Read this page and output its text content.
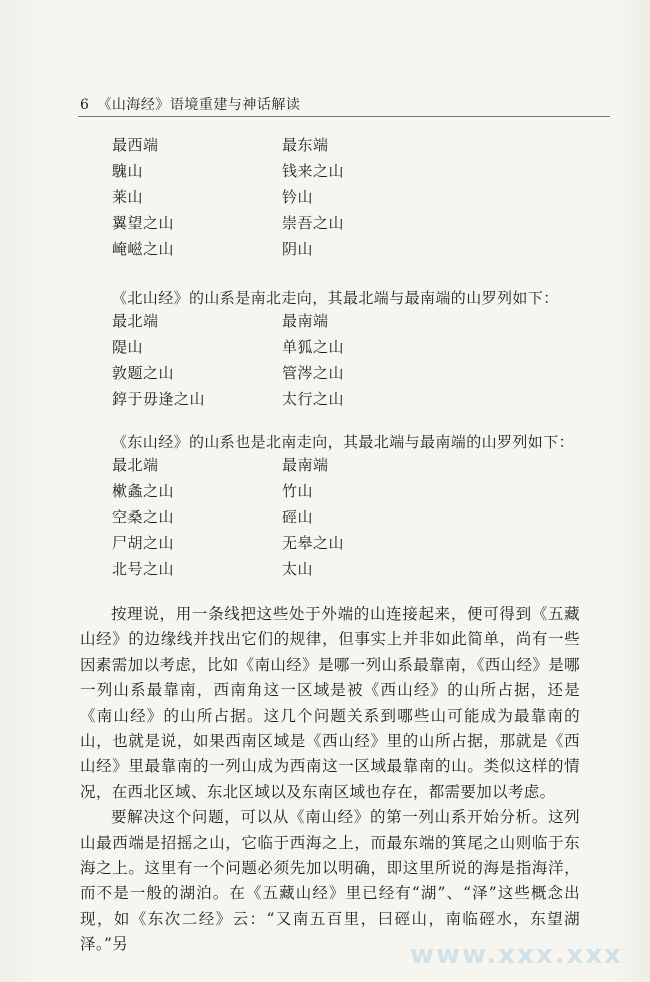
6 《山海经》语境重建与神话解读
最西端	最东端
騩山	钱来之山
莱山	钤山
翼望之山	崇吾之山
崦嵫之山	阴山
《北山经》的山系是南北走向，其最北端与最南端的山罗列如下：
最北端	最南端
隄山	单狐之山
敦题之山	管涔之山
錞于毋逢之山	太行之山
《东山经》的山系也是北南走向，其最北端与最南端的山罗列如下：
最北端	最南端
樕螽之山	竹山
空桑之山	硜山
尸胡之山	无皋之山
北号之山	太山

按理说，用一条线把这些处于外端的山连接起来，便可得到《五藏山经》的边缘线并找出它们的规律，但事实上并非如此简单，尚有一些因素需加以考虑，比如《南山经》是哪一列山系最靠南，《西山经》是哪一列山系最靠南，西南角这一区域是被《西山经》的山所占据，还是《南山经》的山所占据。这几个问题关系到哪些山可能成为最靠南的山，也就是说，如果西南区域是《西山经》里的山所占据，那就是《西山经》里最靠南的一列山成为西南这一区域最靠南的山。类似这样的情况，在西北区域、东北区域以及东南区域也存在，都需要加以考虑。

要解决这个问题，可以从《南山经》的第一列山系开始分析。这列山最西端是招摇之山，它临于西海之上，而最东端的箕尾之山则临于东海之上。这里有一个问题必须先加以明确，即这里所说的海是指海洋，而不是一般的湖泊。在《五藏山经》里已经有“湖”、“泽”这些概念出现，如《东次二经》云：“又南五百里，曰硜山，南临硜水，东望湖泽。”另	www.xxx.xxx
